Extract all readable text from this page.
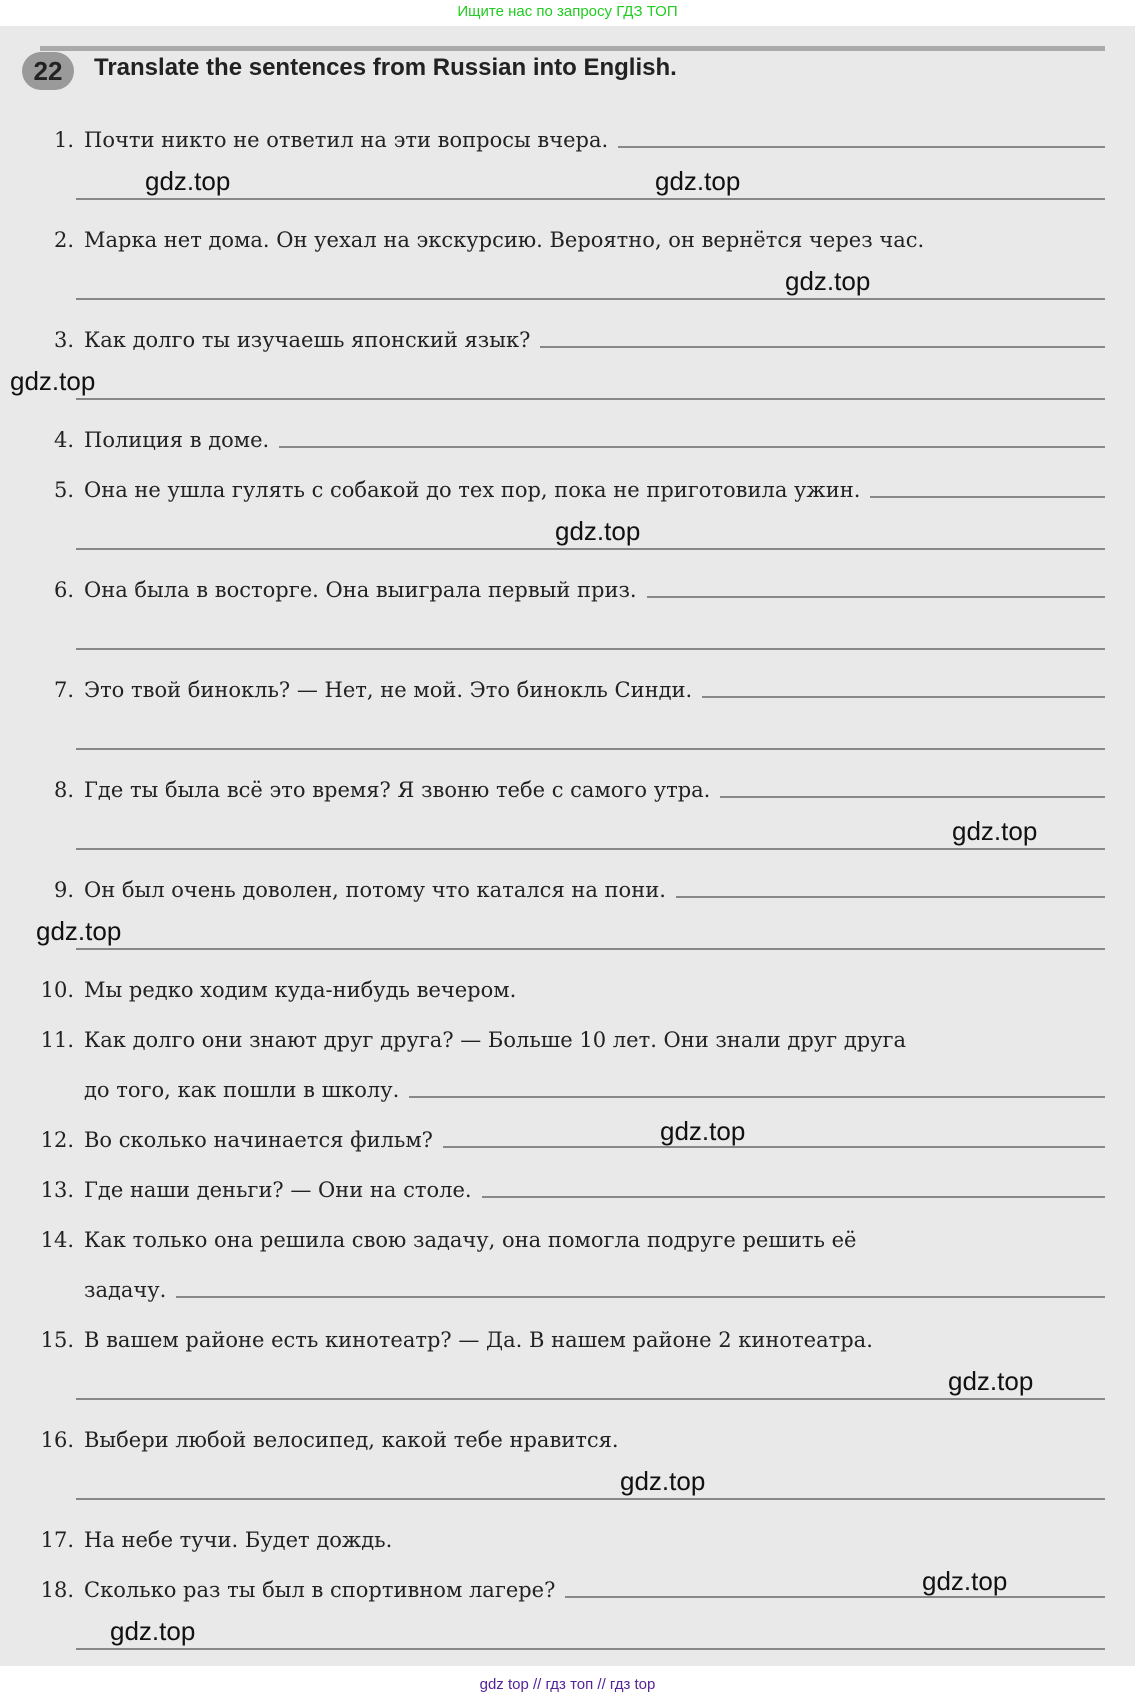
Ищите нас по запросу ГДЗ ТОП
22	Translate the sentences from Russian into English.
1. Почти никто не ответил на эти вопросы вчера.
2. Марка нет дома. Он уехал на экскурсию. Вероятно, он вернётся через час.
3. Как долго ты изучаешь японский язык?
4. Полиция в доме.
5. Она не ушла гулять с собакой до тех пор, пока не приготовила ужин.
6. Она была в восторге. Она выиграла первый приз.
7. Это твой бинокль? — Нет, не мой. Это бинокль Синди.
8. Где ты была всё это время? Я звоню тебе с самого утра.
9. Он был очень доволен, потому что катался на пони.
10. Мы редко ходим куда-нибудь вечером.
11. Как долго они знают друг друга? — Больше 10 лет. Они знали друг друга
до того, как пошли в школу.
12. Во сколько начинается фильм?
13. Где наши деньги? — Они на столе.
14. Как только она решила свою задачу, она помогла подруге решить её
задачу.
15. В вашем районе есть кинотеатр? — Да. В нашем районе 2 кинотеатра.
16. Выбери любой велосипед, какой тебе нравится.
17. На небе тучи. Будет дождь.
18. Сколько раз ты был в спортивном лагере?
gdz.top
gdz.top
gdz.top
gdz.top
gdz.top
gdz.top
gdz.top
gdz.top
gdz.top
gdz.top
gdz.top
gdz.top
gdz top // гдз топ // гдз top
